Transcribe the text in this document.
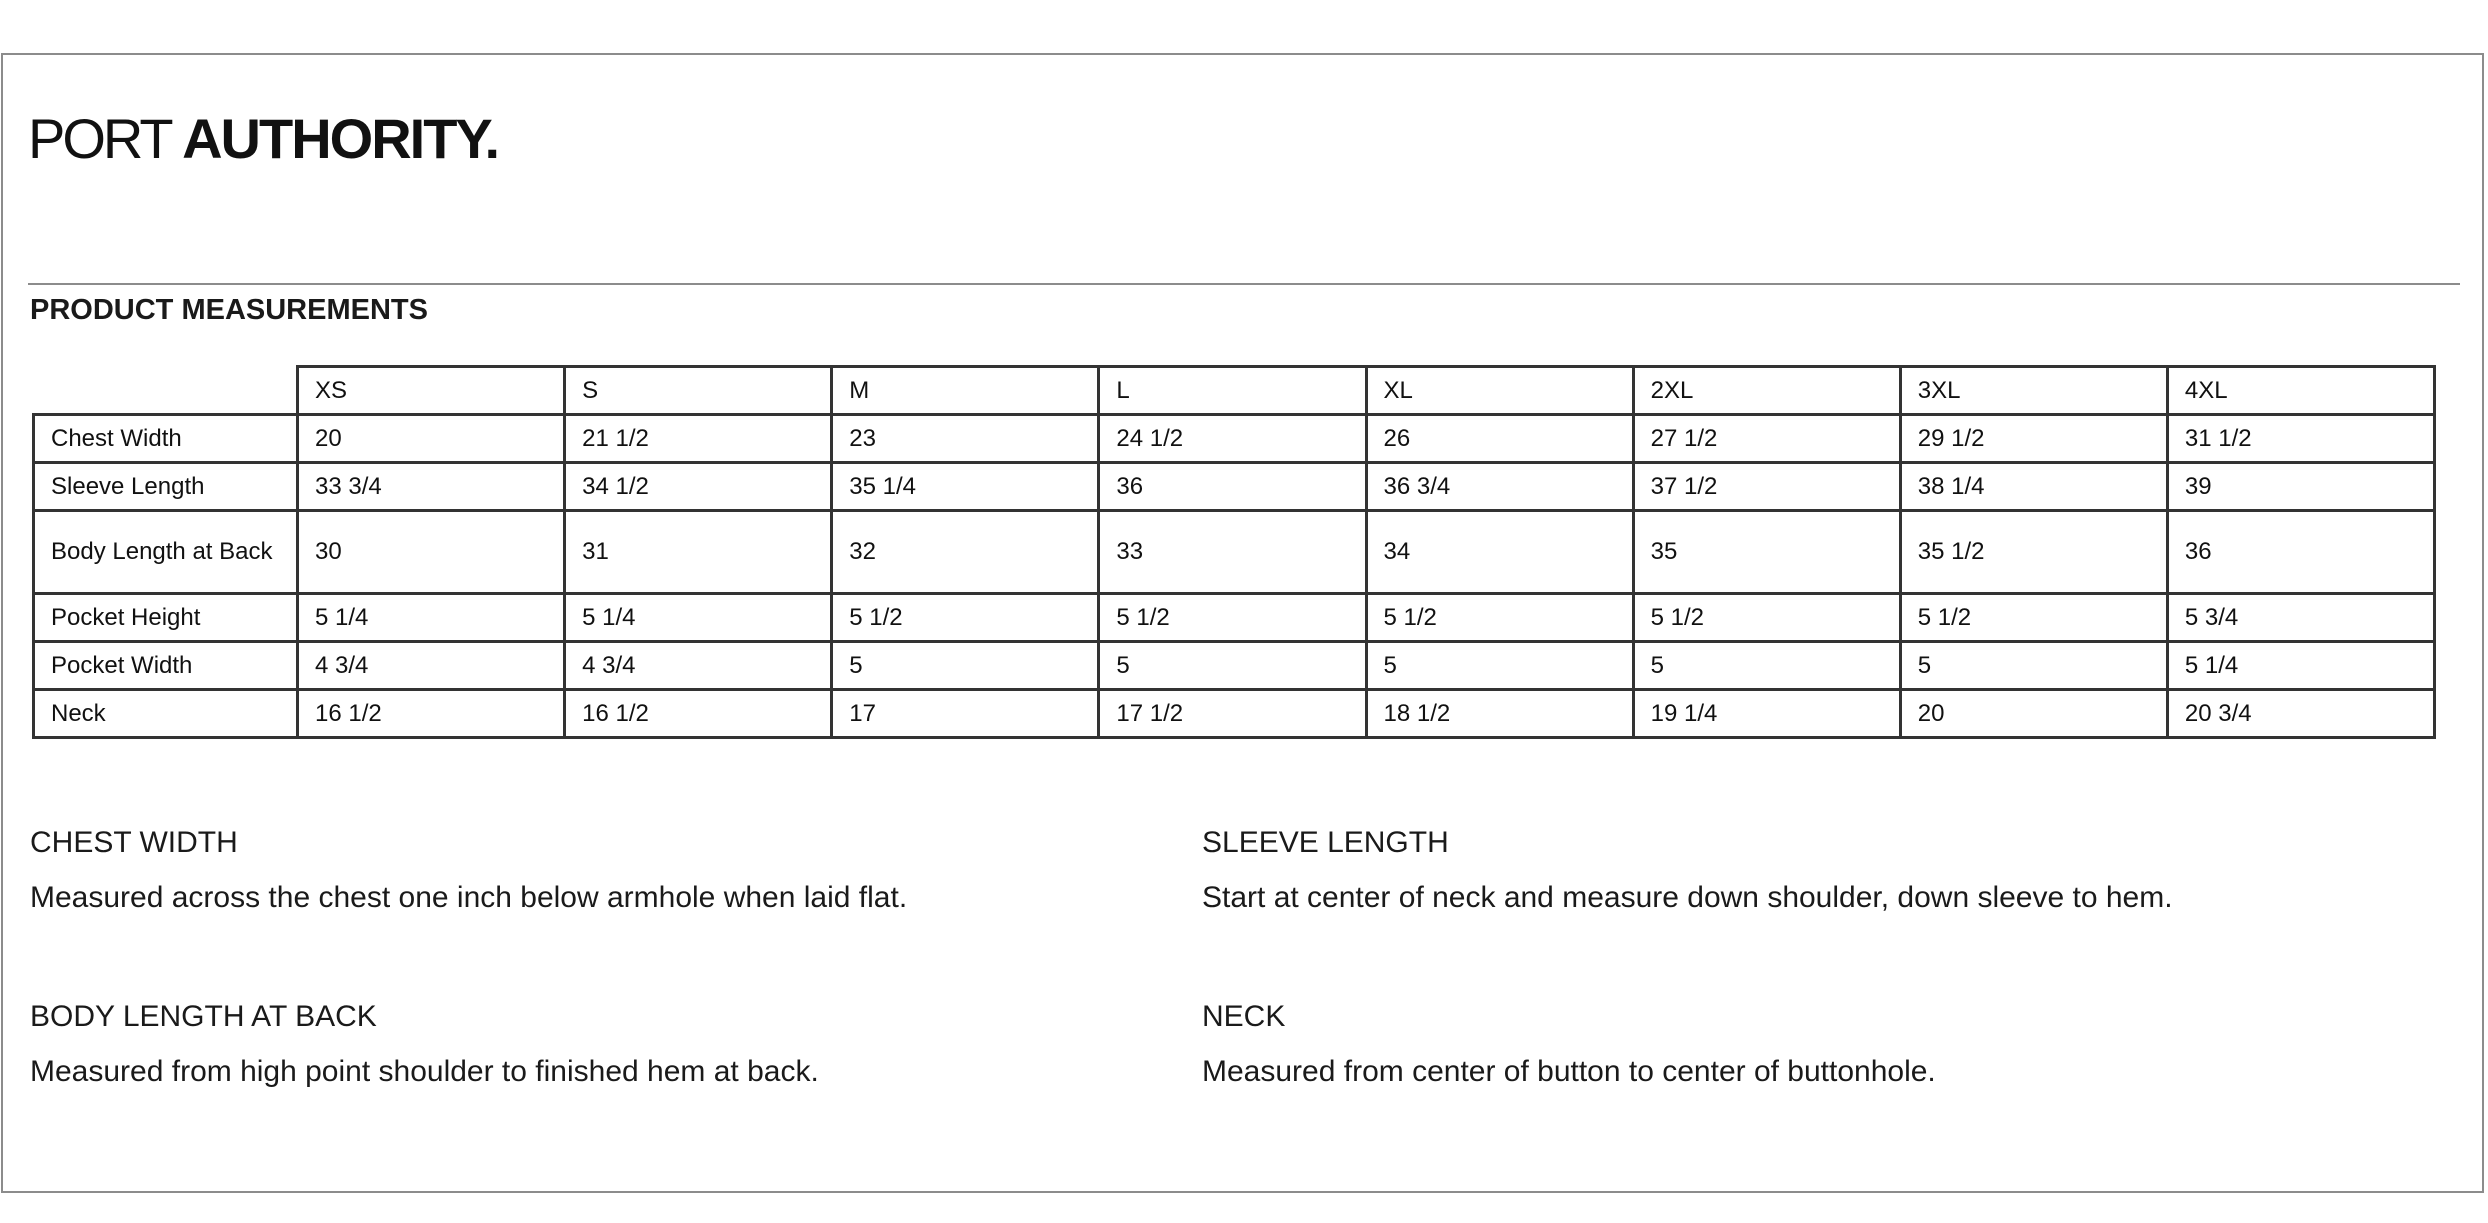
PORT AUTHORITY.
PRODUCT MEASUREMENTS
	XS	S	M	L	XL	2XL	3XL	4XL
Chest Width	20	21 1/2	23	24 1/2	26	27 1/2	29 1/2	31 1/2
Sleeve Length	33 3/4	34 1/2	35 1/4	36	36 3/4	37 1/2	38 1/4	39
Body Length at Back	30	31	32	33	34	35	35 1/2	36
Pocket Height	5 1/4	5 1/4	5 1/2	5 1/2	5 1/2	5 1/2	5 1/2	5 3/4
Pocket Width	4 3/4	4 3/4	5	5	5	5	5	5 1/4
Neck	16 1/2	16 1/2	17	17 1/2	18 1/2	19 1/4	20	20 3/4
CHEST WIDTH
Measured across the chest one inch below armhole when laid flat.
SLEEVE LENGTH
Start at center of neck and measure down shoulder, down sleeve to hem.
BODY LENGTH AT BACK
Measured from high point shoulder to finished hem at back.
NECK
Measured from center of button to center of buttonhole.
